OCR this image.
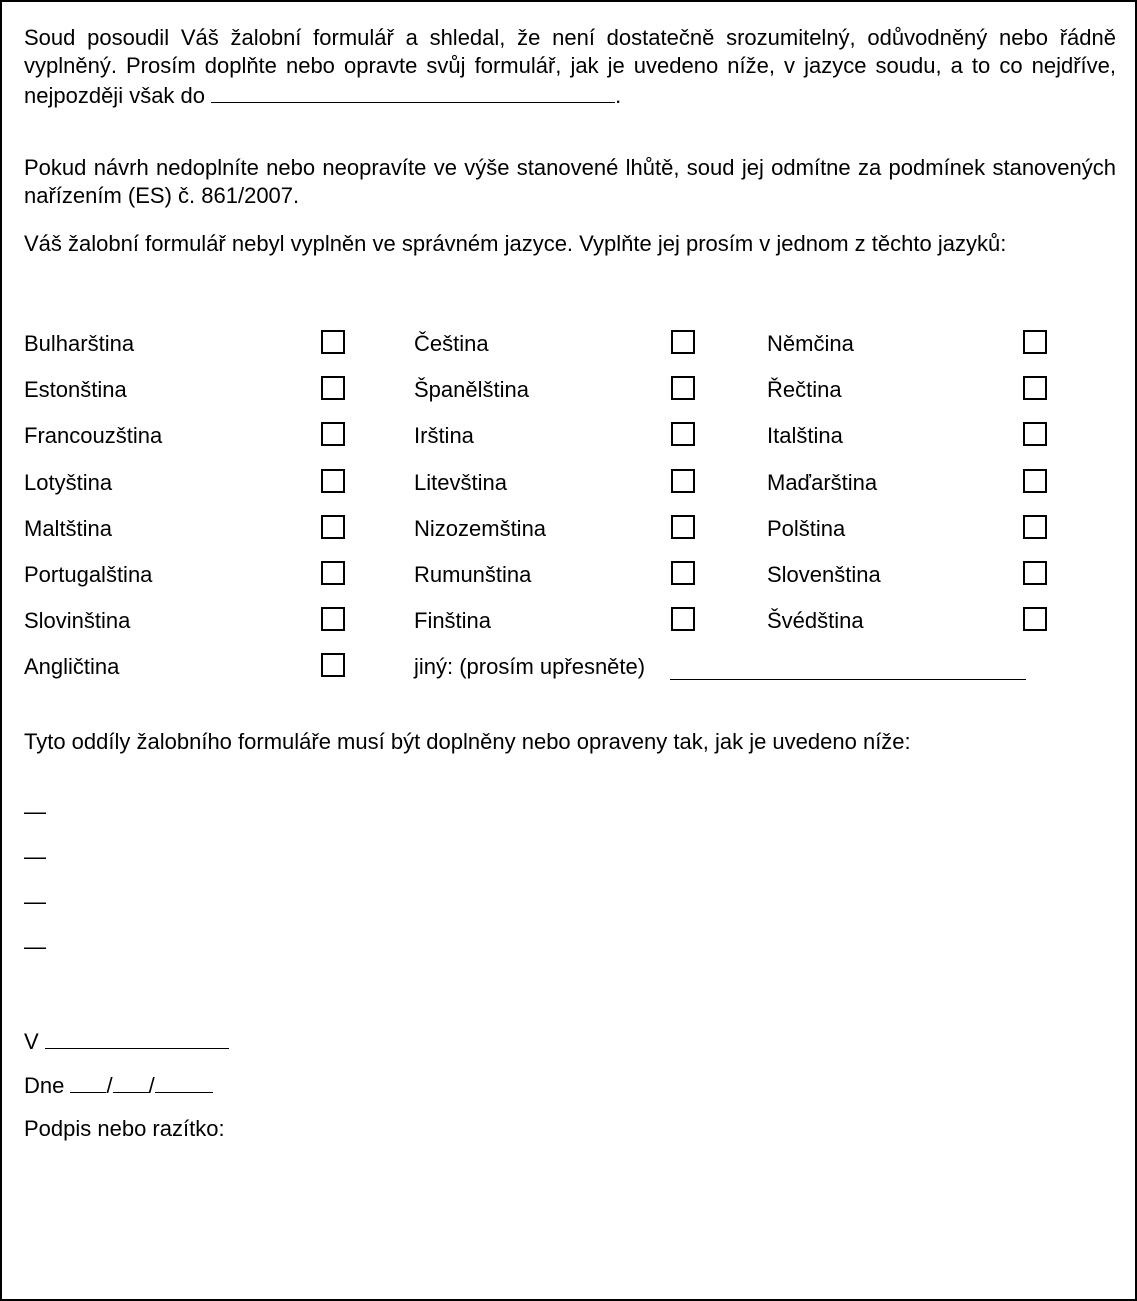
Soud posoudil Váš žalobní formulář a shledal, že není dostatečně srozumitelný, odůvodněný nebo řádně vyplněný. Prosím doplňte nebo opravte svůj formulář, jak je uvedeno níže, v jazyce soudu, a to co nejdříve, nejpozději však do	.
Pokud návrh nedoplníte nebo neopravíte ve výše stanovené lhůtě, soud jej odmítne za podmínek stanovených nařízením (ES) č. 861/2007.
Váš žalobní formulář nebyl vyplněn ve správném jazyce. Vyplňte jej prosím v jednom z těchto jazyků:
Bulharština	Čeština	Němčina
Estonština	Španělština	Řečtina
Francouzština	Irština	Italština
Lotyština	Litevština	Maďarština
Maltština	Nizozemština	Polština
Portugalština	Rumunština	Slovenština
Slovinština	Finština	Švédština
Angličtina	jiný: (prosím upřesněte)
Tyto oddíly žalobního formuláře musí být doplněny nebo opraveny tak, jak je uvedeno níže:
—
—
—
—
V
Dne / /
Podpis nebo razítko:
